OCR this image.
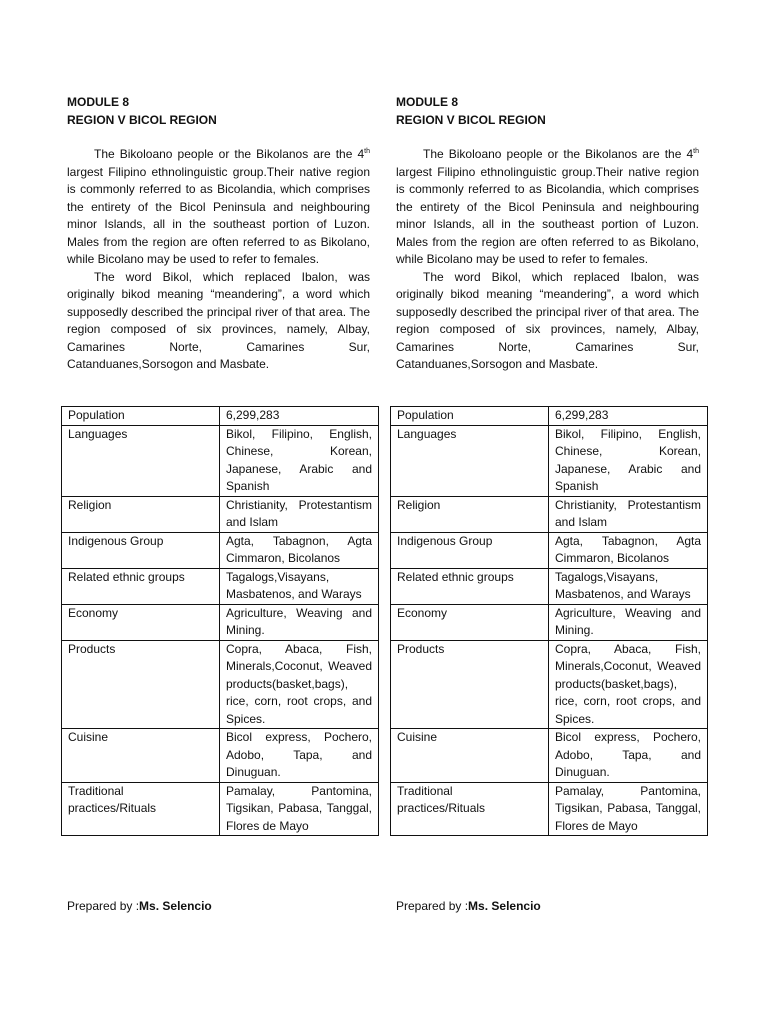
MODULE 8
REGION V BICOL REGION

The Bikoloano people or the Bikolanos are the 4th largest Filipino ethnolinguistic group.Their native region is commonly referred to as Bicolandia, which comprises the entirety of the Bicol Peninsula and neighbouring minor Islands, all in the southeast portion of Luzon. Males from the region are often referred to as Bikolano, while Bicolano may be used to refer to females.

The word Bikol, which replaced Ibalon, was originally bikod meaning “meandering”, a word which supposedly described the principal river of that area. The region composed of six provinces, namely, Albay, Camarines Norte, Camarines Sur, Catanduanes,Sorsogon and Masbate.

Population	6,299,283
Languages	Bikol, Filipino, English, Chinese, Korean, Japanese, Arabic and Spanish
Religion	Christianity, Protestantism and Islam
Indigenous Group	Agta, Tabagnon, Agta Cimmaron, Bicolanos
Related ethnic groups	Tagalogs,Visayans, Masbatenos, and Warays
Economy	Agriculture, Weaving and Mining.
Products	Copra, Abaca, Fish, Minerals,Coconut, Weaved products(basket,bags), rice, corn, root crops, and Spices.
Cuisine	Bicol express, Pochero, Adobo, Tapa, and Dinuguan.
Traditional practices/Rituals	Pamalay, Pantomina, Tigsikan, Pabasa, Tanggal, Flores de Mayo
Prepared by :Ms. Selencio
MODULE 8
REGION V BICOL REGION

The Bikoloano people or the Bikolanos are the 4th largest Filipino ethnolinguistic group.Their native region is commonly referred to as Bicolandia, which comprises the entirety of the Bicol Peninsula and neighbouring minor Islands, all in the southeast portion of Luzon. Males from the region are often referred to as Bikolano, while Bicolano may be used to refer to females.

The word Bikol, which replaced Ibalon, was originally bikod meaning “meandering”, a word which supposedly described the principal river of that area. The region composed of six provinces, namely, Albay, Camarines Norte, Camarines Sur, Catanduanes,Sorsogon and Masbate.

Population	6,299,283
Languages	Bikol, Filipino, English, Chinese, Korean, Japanese, Arabic and Spanish
Religion	Christianity, Protestantism and Islam
Indigenous Group	Agta, Tabagnon, Agta Cimmaron, Bicolanos
Related ethnic groups	Tagalogs,Visayans, Masbatenos, and Warays
Economy	Agriculture, Weaving and Mining.
Products	Copra, Abaca, Fish, Minerals,Coconut, Weaved products(basket,bags), rice, corn, root crops, and Spices.
Cuisine	Bicol express, Pochero, Adobo, Tapa, and Dinuguan.
Traditional practices/Rituals	Pamalay, Pantomina, Tigsikan, Pabasa, Tanggal, Flores de Mayo
Prepared by :Ms. Selencio
